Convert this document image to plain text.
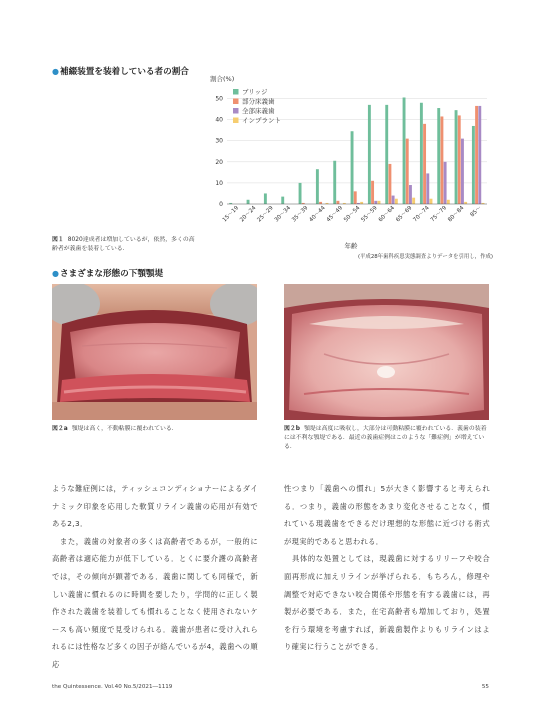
●補綴装置を装着している者の割合
割合(%)
0
10
20
30
40
50
ブリッジ
部分床義歯
全部床義歯
インプラント
15〜19 20〜24 25〜29 30〜34 35〜39 40〜44 45〜49 50〜54 55〜59 60〜64 65〜69 70〜74 75〜79 80〜84 85〜
年齢
(平成28年歯科疾患実態調査よりデータを引用し，作成)
図１ 8020達成者は増加しているが，依然，多くの高齢者が義歯を装着している．
●さまざまな形態の下顎顎堤
図２a 顎堤は高く，不動粘膜に覆われている．	図２b 顎堤は高度に吸収し，大部分は可動粘膜に覆われている．義歯の装着には不利な顎堤である．最近の義歯症例はこのような「難症例」が増えている．

ような難症例には，ティッシュコンディショナーによるダイナミック印象を応用した軟質リライン義歯の応用が有効である2,3．

　また，義歯の対象者の多くは高齢者であるが，一般的に高齢者は適応能力が低下している．とくに要介護の高齢者では，その傾向が顕著である．義歯に関しても同様で，新しい義歯に慣れるのに時間を要したり，学問的に正しく製作された義歯を装着しても慣れることなく使用されないケースも高い頻度で見受けられる．義歯が患者に受け入れられるには性格など多くの因子が絡んでいるが4，義歯への順応

性つまり「義歯への慣れ」5が大きく影響すると考えられる．つまり，義歯の形態をあまり変化させることなく，慣れている現義歯をできるだけ理想的な形態に近づける術式が現実的であると思われる．

　具体的な処置としては，現義歯に対するリリーフや咬合面再形成に加えリラインが挙げられる．もちろん，修理や調整で対応できない咬合関係や形態を有する義歯には，再製が必要である．また，在宅高齢者も増加しており，処置を行う環境を考慮すれば，新義歯製作よりもリラインはより確実に行うことができる．

the Quintessence. Vol.40 No.5/2021―1119	55
